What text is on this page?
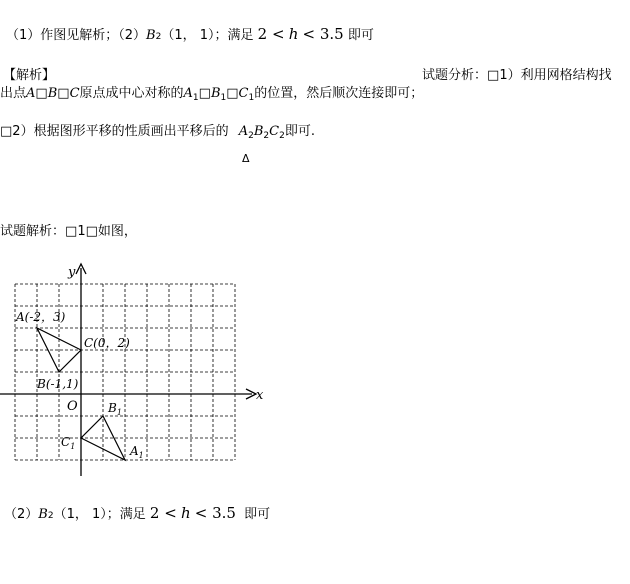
（1）作图见解析；（2）B2（1， 1）；满足 2 < h < 3.5 即可
【解析】	试题分析：□1）利用网格结构找
出点A□B□C原点成中心对称的$A_1□B_1□C_1$的位置，然后顺次连接即可；
□2）根据图形平移的性质画出平移后的 $A_2B_2C_2$即可.
Δ
试题解析：□1□如图，
x
y
O
A(-2，3)
C(0，2)
B(-1,1)
$B_1$
$C_1$	$A_1$
（2）B2（1， 1）；满足 2 < h < 3.5 即可
